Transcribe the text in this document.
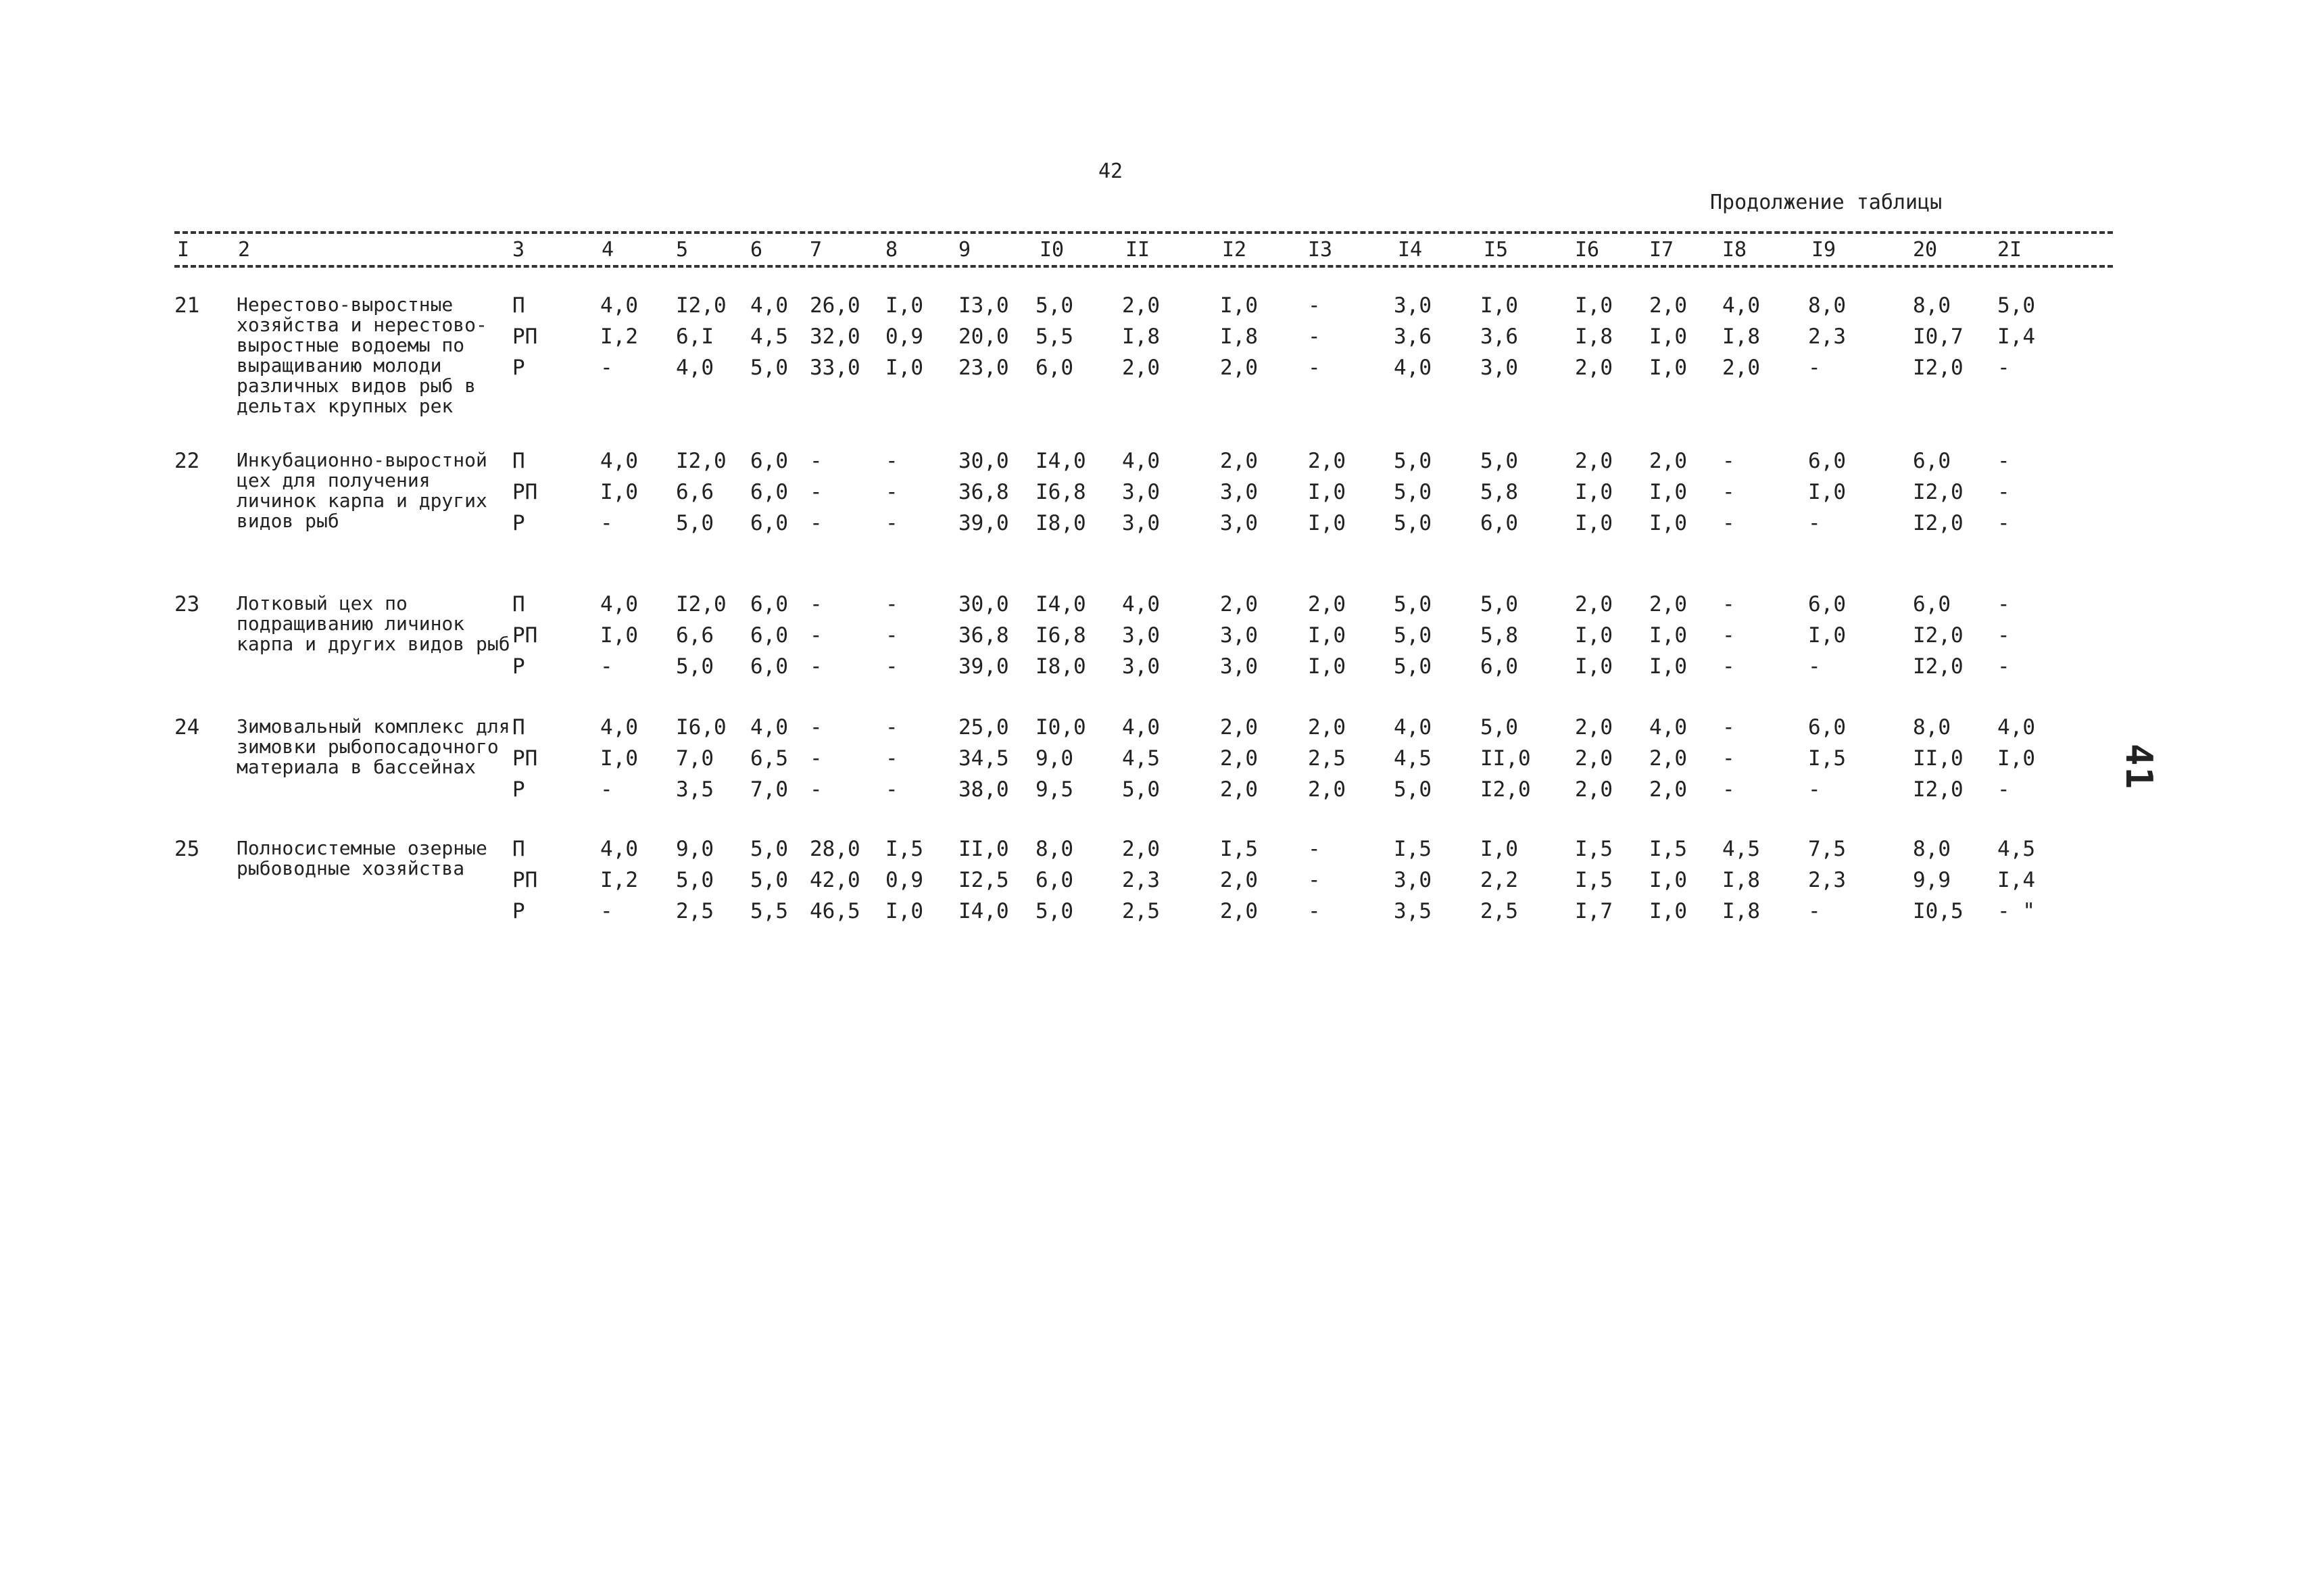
42
Продолжение таблицы
41
I 2	3	4	5	6 7	8	9	I0	II	I2	I3	I4	I5	I6 I7 I8	I9	20	2I
21 Нерестово-выростные хозяйства и нерестово-выростные водоемы по выращиванию молоди различных видов рыб в дельтах крупных рек
П	4,0 I2,0 4,0 26,0 I,0 I3,0 5,0 2,0	I,0 -	3,0 I,0	I,0 2,0 4,0 8,0	8,0 5,0
РП	I,2 6,I 4,5 32,0 0,9 20,0 5,5 I,8	I,8 -	3,6 3,6	I,8 I,0 I,8 2,3	I0,7 I,4
Р	-	4,0 5,0 33,0 I,0 23,0 6,0 2,0	2,0 -	4,0 3,0	2,0 I,0 2,0 -	I2,0 -
22 Инкубационно-выростной цех для получения личинок карпа и других видов рыб
П	4,0 I2,0 6,0 -	-	30,0 I4,0 4,0	2,0 2,0 5,0 5,0	2,0 2,0 -	6,0	6,0 -
РП	I,0 6,6 6,0 -	-	36,8 I6,8 3,0	3,0 I,0 5,0 5,8	I,0 I,0 -	I,0	I2,0 -
Р	-	5,0 6,0 -	-	39,0 I8,0 3,0	3,0 I,0 5,0 6,0	I,0 I,0 -	-	I2,0 -
23 Лотковый цех по подращиванию личинок карпа и других видов рыб
П	4,0 I2,0 6,0 -	-	30,0 I4,0 4,0	2,0 2,0 5,0 5,0	2,0 2,0 -	6,0	6,0 -
РП	I,0 6,6 6,0 -	-	36,8 I6,8 3,0	3,0 I,0 5,0 5,8	I,0 I,0 -	I,0	I2,0 -
Р	-	5,0 6,0 -	-	39,0 I8,0 3,0	3,0 I,0 5,0 6,0	I,0 I,0 -	-	I2,0 -
24 Зимовальный комплекс для зимовки рыбопосадочного материала в бассейнах
П	4,0 I6,0 4,0 -	-	25,0 I0,0 4,0	2,0 2,0 4,0 5,0	2,0 4,0 -	6,0	8,0 4,0
РП	I,0 7,0 6,5 -	-	34,5 9,0 4,5	2,0 2,5 4,5 II,0 2,0 2,0 -	I,5	II,0 I,0
Р	-	3,5 7,0 -	-	38,0 9,5 5,0	2,0 2,0 5,0 I2,0 2,0 2,0 -	-	I2,0 -
25 Полносистемные озерные рыбоводные хозяйства
П	4,0 9,0 5,0 28,0 I,5 II,0 8,0 2,0	I,5 -	I,5 I,0	I,5 I,5 4,5 7,5	8,0 4,5
РП	I,2 5,0 5,0 42,0 0,9 I2,5 6,0 2,3	2,0 -	3,0 2,2	I,5 I,0 I,8 2,3	9,9 I,4
Р	-	2,5 5,5 46,5 I,0 I4,0 5,0 2,5	2,0 -	3,5 2,5	I,7 I,0 I,8 -	I0,5 - "
